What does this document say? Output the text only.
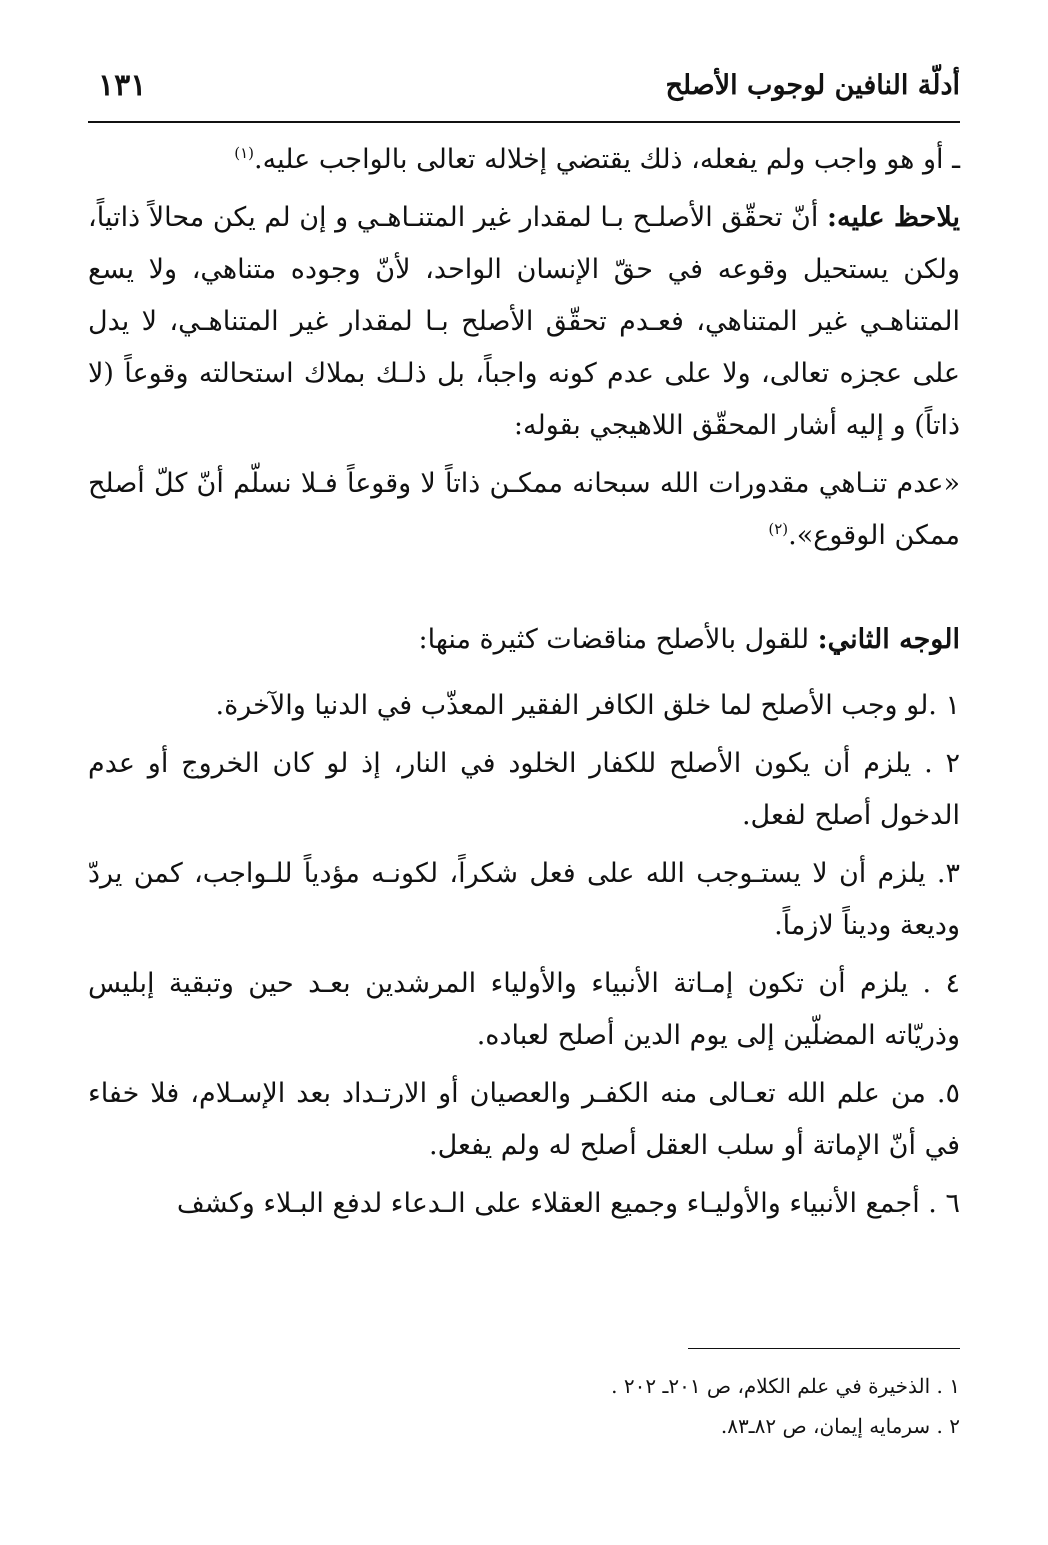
أدلّة النافين لوجوب الأصلح
١٣١

ـ أو هو واجب ولم يفعله، ذلك يقتضي إخلاله تعالى بالواجب عليه.$^{(١)}$

يلاحظ عليه: أنّ تحقّق الأصلـح بـا لمقدار غير المتنـاهـي و إن لم يكن محالاً ذاتياً، ولكن يستحيل وقوعه في حقّ الإنسان الواحد، لأنّ وجوده متناهي، ولا يسع المتناهـي غير المتناهي، فعـدم تحقّق الأصلح بـا لمقدار غير المتناهـي، لا يدل على عجزه تعالى، ولا على عدم كونه واجباً، بل ذلـك بملاك استحالته وقوعاً (لا ذاتاً) و إليه أشار المحقّق اللاهيجي بقوله:

«عدم تنـاهي مقدورات الله سبحانه ممكـن ذاتاً لا وقوعاً فـلا نسلّم أنّ كلّ أصلح ممكن الوقوع».$^{(٢)}$

الوجه الثاني: للقول بالأصلح مناقضات كثيرة منها:

١ .لو وجب الأصلح لما خلق الكافر الفقير المعذّب في الدنيا والآخرة.

٢ . يلزم أن يكون الأصلح للكفار الخلود في النار، إذ لو كان الخروج أو عدم الدخول أصلح لفعل.

٣. يلزم أن لا يستـوجب الله على فعل شكراً، لكونـه مؤدياً للـواجب، كمن يردّ وديعة وديناً لازماً.

٤ . يلزم أن تكون إمـاتة الأنبياء والأولياء المرشدين بعـد حين وتبقية إبليس وذريّاته المضلّين إلى يوم الدين أصلح لعباده.

٥. من علم الله تعـالى منه الكفـر والعصيان أو الارتـداد بعد الإسـلام، فلا خفاء في أنّ الإماتة أو سلب العقل أصلح له ولم يفعل.

٦ . أجمع الأنبياء والأوليـاء وجميع العقلاء على الـدعاء لدفع البـلاء وكشف

١ . الذخيرة في علم الكلام، ص ٢٠١ـ ٢٠٢ .

٢ . سرمايه إيمان، ص ٨٢ـ٨٣.
